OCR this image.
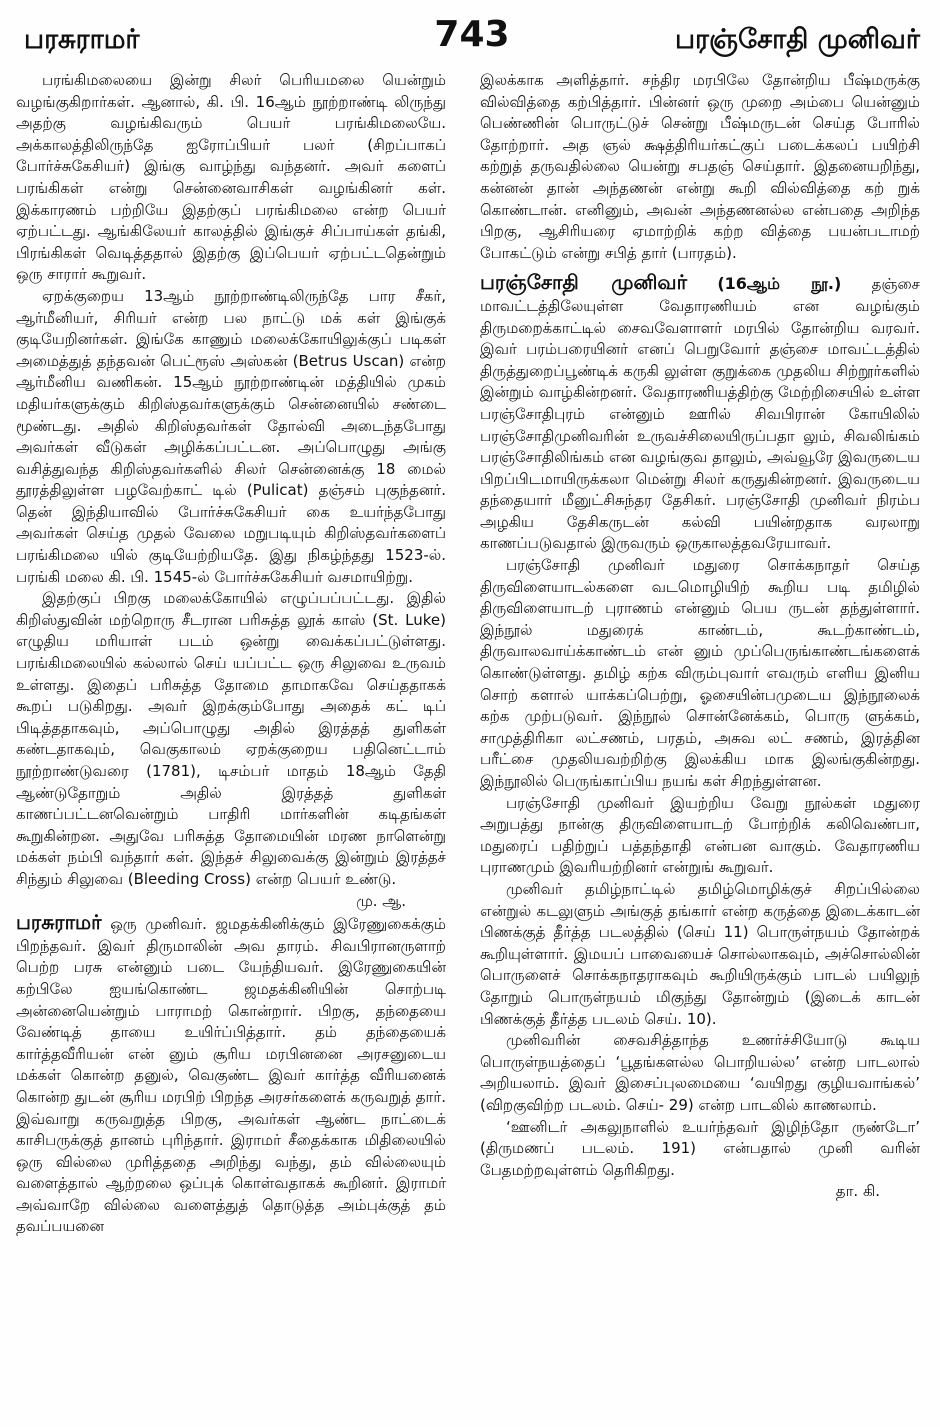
பரசுராமர்	743	பரஞ்சோதி முனிவர்

பரங்கிமலையை இன்று சிலர் பெரியமலை யென்றும் வழங்குகிறார்கள். ஆனால், கி. பி. 16ஆம் நூற்றாண்டி லிருந்து அதற்கு வழங்கிவரும் பெயர் பரங்கிமலையே. அக்காலத்திலிருந்தே ஐரோப்பியர் பலர் (சிறப்பாகப் போர்ச்சுகேசியர்) இங்கு வாழ்ந்து வந்தனர். அவர் களைப் பரங்கிகள் என்று சென்னைவாசிகள் வழங்கினர் கள். இக்காரணம் பற்றியே இதற்குப் பரங்கிமலை என்ற பெயர் ஏற்பட்டது. ஆங்கிலேயர் காலத்தில் இங்குச் சிப்பாய்கள் தங்கி, பிரங்கிகள் வெடித்ததால் இதற்கு இப்பெயர் ஏற்பட்டதென்றும் ஒரு சாரார் கூறுவர்.

ஏறக்குறைய 13ஆம் நூற்றாண்டிலிருந்தே பார சீகர், ஆர்மீனியர், சிரியர் என்ற பல நாட்டு மக் கள் இங்குக் குடியேறினர்கள். இங்கே காணும் மலைக்கோயிலுக்குப் படிகள் அமைத்துத் தந்தவன் பெட்ரூஸ் அஸ்கன் (Betrus Uscan) என்ற ஆர்மீனிய வணிகன். 15ஆம் நூற்றாண்டின் மத்தியில் முகம் மதியர்களுக்கும் கிறிஸ்தவர்களுக்கும் சென்னையில் சண்டை மூண்டது. அதில் கிறிஸ்தவர்கள் தோல்வி அடைந்தபோது அவர்கள் வீடுகள் அழிக்கப்பட்டன. அப்பொழுது அங்கு வசித்துவந்த கிறிஸ்தவர்களில் சிலர் சென்னைக்கு 18 மைல் தூரத்திலுள்ள பழவேற்காட் டில் (Pulicat) தஞ்சம் புகுந்தனர். தென் இந்தியாவில் போர்ச்சுகேசியர் கை உயர்ந்தபோது அவர்கள் செய்த முதல் வேலை மறுபடியும் கிறிஸ்தவர்களைப் பரங்கிமலை யில் குடியேற்றியதே. இது நிகழ்ந்தது 1523-ல். பரங்கி மலை கி. பி. 1545-ல் போர்ச்சுகேசியர் வசமாயிற்று.

இதற்குப் பிறகு மலைக்கோயில் எழுப்பப்பட்டது. இதில் கிறிஸ்துவின் மற்றொரு சீடரான பரிசுத்த லூக் காஸ் (St. Luke) எழுதிய மரியாள் படம் ஒன்று வைக்கப்பட்டுள்ளது. பரங்கிமலையில் கல்லால் செய் யப்பட்ட ஒரு சிலுவை உருவம் உள்ளது. இதைப் பரிசுத்த தோமை தாமாகவே செய்ததாகக் கூறப் படுகிறது. அவர் இறக்கும்போது அதைக் கட் டிப் பிடித்ததாகவும், அப்பொழுது அதில் இரத்தத் துளிகள் கண்டதாகவும், வெகுகாலம் ஏறக்குறைய பதினெட்டாம் நூற்றாண்டுவரை (1781), டிசம்பர் மாதம் 18ஆம் தேதி ஆண்டுதோறும் அதில் இரத்தத் துளிகள் காணப்பட்டனவென்றும் பாதிரி மார்களின் கடிதங்கள் கூறுகின்றன. அதுவே பரிசுத்த தோமையின் மரண நாளென்று மக்கள் நம்பி வந்தார் கள். இந்தச் சிலுவைக்கு இன்றும் இரத்தச் சிந்தும் சிலுவை (Bleeding Cross) என்ற பெயர் உண்டு.

மு. ஆ.

பரசுராமர் ஒரு முனிவர். ஜமதக்கினிக்கும் இரேணுகைக்கும் பிறந்தவர். இவர் திருமாலின் அவ தாரம். சிவபிரானருளாற் பெற்ற பரசு என்னும் படை யேந்தியவர். இரேணுகையின் கற்பிலே ஐயங்கொண்ட ஜமதக்கினியின் சொற்படி அன்னையென்றும் பாராமற் கொன்றார். பிறகு, தந்தையை வேண்டித் தாயை உயிர்ப்பித்தார். தம் தந்தையைக் கார்த்தவீரியன் என் னும் சூரிய மரபினனை அரசனுடைய மக்கள் கொன்ற தனுல், வெகுண்ட இவர் கார்த்த வீரியனைக் கொன்ற துடன் சூரிய மரபிற் பிறந்த அரசர்களைக் கருவறுத் தார். இவ்வாறு கருவறுத்த பிறகு, அவர்கள் ஆண்ட நாட்டைக் காசிபருக்குத் தானம் புரிந்தார். இராமர் சீதைக்காக மிதிலையில் ஒரு வில்லை முரித்ததை அறிந்து வந்து, தம் வில்லையும் வளைத்தால் ஆற்றலை ஒப்புக் கொள்வதாகக் கூறினர். இராமர் அவ்வாறே வில்லை வளைத்துத் தொடுத்த அம்புக்குத் தம் தவப்பயனை

இலக்காக அளித்தார். சந்திர மரபிலே தோன்றிய பீஷ்மருக்கு வில்வித்தை கற்பித்தார். பின்னர் ஒரு முறை அம்பை யென்னும் பெண்ணின் பொருட்டுச் சென்று பீஷ்மருடன் செய்த போரில் தோற்றார். அத ஞல் க்ஷத்திரியர்கட்குப் படைக்கலப் பயிற்சி கற்றுத் தருவதில்லை யென்று சபதஞ் செய்தார். இதனையறிந்து, கன்னன் தான் அந்தணன் என்று கூறி வில்வித்தை கற் றுக் கொண்டான். எனினும், அவன் அந்தணனல்ல என்பதை அறிந்த பிறகு, ஆசிரியரை ஏமாற்றிக் கற்ற வித்தை பயன்படாமற் போகட்டும் என்று சபித் தார் (பாரதம்).

பரஞ்சோதி முனிவர் (16ஆம் நூ.) தஞ்சை மாவட்டத்திலேயுள்ள வேதாரணியம் என வழங்கும் திருமறைக்காட்டில் சைவவேளாளர் மரபில் தோன்றிய வரவர். இவர் பரம்பரையினர் எனப் பெறுவோர் தஞ்சை மாவட்டத்தில் திருத்துறைப்பூண்டிக் கருகி லுள்ள குறுக்கை முதலிய சிற்றூர்களில் இன்றும் வாழ்கின்றனர். வேதாரணியத்திற்கு மேற்றிசையில் உள்ள பரஞ்சோதிபுரம் என்னும் ஊரில் சிவபிரான் கோயிலில் பரஞ்சோதிமுனிவரின் உருவச்சிலையிருப்பதா லும், சிவலிங்கம் பரஞ்சோதிலிங்கம் என வழங்குவ தாலும், அவ்வூரே இவருடைய பிறப்பிடமாயிருக்கலா மென்று சிலர் கருதுகின்றனர். இவருடைய தந்தையார் மீனுட்சிசுந்தர தேசிகர். பரஞ்சோதி முனிவர் நிரம்ப அழகிய தேசிகருடன் கல்வி பயின்றதாக வரலாறு காணப்படுவதால் இருவரும் ஒருகாலத்தவரேயாவர்.

பரஞ்சோதி முனிவர் மதுரை சொக்கநாதர் செய்த திருவிளையாடல்களை வடமொழியிற் கூறிய படி தமிழில் திருவிளையாடற் புராணம் என்னும் பெய ருடன் தந்துள்ளார். இந்நூல் மதுரைக் காண்டம், கூடற்காண்டம், திருவாலவாய்க்காண்டம் என் னும் முப்பெருங்காண்டங்களைக் கொண்டுள்ளது. தமிழ் கற்க விரும்புவார் எவரும் எளிய இனிய சொற் களால் யாக்கப்பெற்று, ஓசையின்பமுடைய இந்நூலைக் கற்க முற்படுவர். இந்நூல் சொன்னேக்கம், பொரு ளுக்கம், சாமுத்திரிகா லட்சணம், பரதம், அசுவ லட் சணம், இரத்தின பரீட்சை முதலியவற்றிற்கு இலக்கிய மாக இலங்குகின்றது. இந்நூலில் பெருங்காப்பிய நயங் கள் சிறந்துள்ளன.

பரஞ்சோதி முனிவர் இயற்றிய வேறு நூல்கள் மதுரை அறுபத்து நான்கு திருவிளையாடற் போற்றிக் கலிவெண்பா, மதுரைப் பதிற்றுப் பத்தந்தாதி என்பன வாகும். வேதாரணிய புராணமும் இவரியற்றினர் என்றுங் கூறுவர்.

முனிவர் தமிழ்நாட்டில் தமிழ்மொழிக்குச் சிறப்பில்லை என்றுல் கடலுளும் அங்குத் தங்கார் என்ற கருத்தை இடைக்காடன் பிணக்குத் தீர்த்த படலத்தில் (செய் 11) பொருள்நயம் தோன்றக் கூறியுள்ளார். இமயப் பாவையைச் சொல்லாகவும், அச்சொல்லின் பொருளைச் சொக்கநாதராகவும் கூறியிருக்கும் பாடல் பயிலுந் தோறும் பொருள்நயம் மிகுந்து தோன்றும் (இடைக் காடன் பிணக்குத் தீர்த்த படலம் செய். 10).

முனிவரின் சைவசித்தாந்த உணர்ச்சியோடு கூடிய பொருள்நயத்தைப் ‘பூதங்களல்ல பொறியல்ல’ என்ற பாடலால் அறியலாம். இவர் இசைப்புலமையை ‘வயிறது குழியவாங்கல்’ (விறகுவிற்ற படலம். செய்- 29) என்ற பாடலில் காணலாம்.

‘ஊனிடர் அகலுநாளில் உயர்ந்தவர் இழிந்தோ ருண்டோ’ (திருமணப் படலம். 191) என்பதால் முனி வரின் பேதமற்றவுள்ளம் தெரிகிறது.

தா. கி.
